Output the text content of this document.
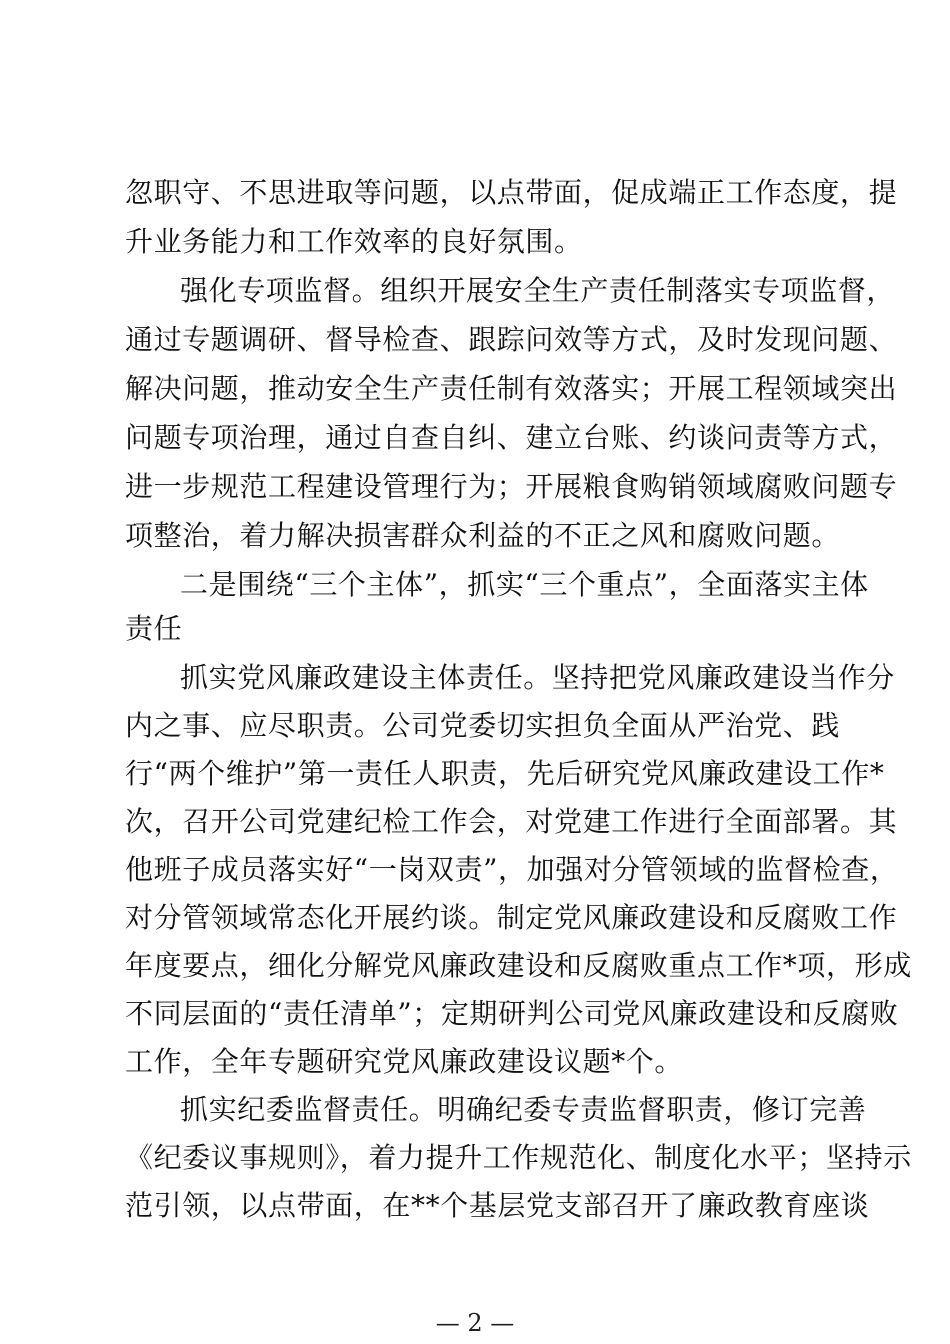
忽职守、不思进取等问题，以点带面，促成端正工作态度，提
升业务能力和工作效率的良好氛围。
强化专项监督。组织开展安全生产责任制落实专项监督，
通过专题调研、督导检查、跟踪问效等方式，及时发现问题、
解决问题，推动安全生产责任制有效落实；开展工程领域突出
问题专项治理，通过自查自纠、建立台账、约谈问责等方式，
进一步规范工程建设管理行为；开展粮食购销领域腐败问题专
项整治，着力解决损害群众利益的不正之风和腐败问题。
二是围绕“三个主体”，抓实“三个重点”，全面落实主体
责任
抓实党风廉政建设主体责任。坚持把党风廉政建设当作分
内之事、应尽职责。公司党委切实担负全面从严治党、践
行“两个维护”第一责任人职责，先后研究党风廉政建设工作*
次，召开公司党建纪检工作会，对党建工作进行全面部署。其
他班子成员落实好“一岗双责”，加强对分管领域的监督检查，
对分管领域常态化开展约谈。制定党风廉政建设和反腐败工作
年度要点，细化分解党风廉政建设和反腐败重点工作*项，形成
不同层面的“责任清单”；定期研判公司党风廉政建设和反腐败
工作，全年专题研究党风廉政建设议题*个。
抓实纪委监督责任。明确纪委专责监督职责，修订完善
《纪委议事规则》，着力提升工作规范化、制度化水平；坚持示
范引领，以点带面，在**个基层党支部召开了廉政教育座谈
— 2 —
